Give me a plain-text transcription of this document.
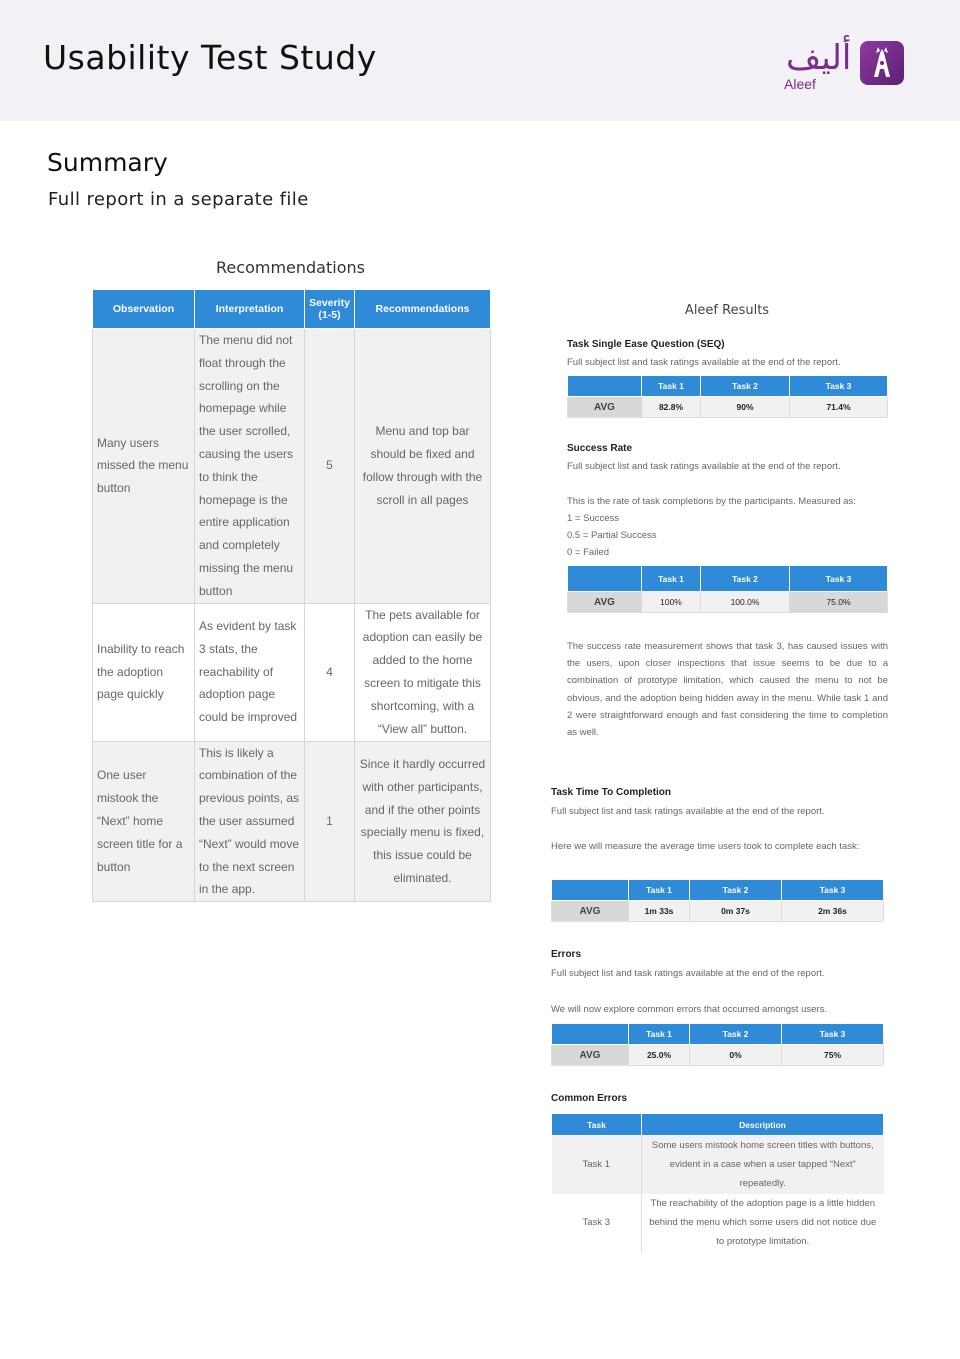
Usability Test Study	أليف
Aleef
Summary
Full report in a separate file
Recommendations
Observation	Interpretation	Severity (1-5)	Recommendations
Many users missed the menu button	The menu did not float through the scrolling on the homepage while the user scrolled, causing the users to think the homepage is the entire application and completely missing the menu button	5	Menu and top bar should be fixed and follow through with the scroll in all pages
Inability to reach the adoption page quickly	As evident by task 3 stats, the reachability of adoption page could be improved	4	The pets available for adoption can easily be added to the home screen to mitigate this shortcoming, with a “View all” button.
One user mistook the “Next” home screen title for a button	This is likely a combination of the previous points, as the user assumed “Next” would move to the next screen in the app.	1	Since it hardly occurred with other participants, and if the other points specially menu is fixed, this issue could be eliminated.
Aleef Results
Task Single Ease Question (SEQ)
Full subject list and task ratings available at the end of the report.
	Task 1	Task 2	Task 3
AVG	82.8%	90%	71.4%
Success Rate
Full subject list and task ratings available at the end of the report.
This is the rate of task completions by the participants. Measured as:
1 = Success
0.5 = Partial Success
0 = Failed
	Task 1	Task 2	Task 3
AVG	100%	100.0%	75.0%
The success rate measurement shows that task 3, has caused issues with the users, upon closer inspections that issue seems to be due to a combination of prototype limitation, which caused the menu to not be obvious, and the adoption being hidden away in the menu. While task 1 and 2 were straightforward enough and fast considering the time to completion as well.
Task Time To Completion
Full subject list and task ratings available at the end of the report.
Here we will measure the average time users took to complete each task:
	Task 1	Task 2	Task 3
AVG	1m 33s	0m 37s	2m 36s
Errors
Full subject list and task ratings available at the end of the report.
We will now explore common errors that occurred amongst users.
	Task 1	Task 2	Task 3
AVG	25.0%	0%	75%
Common Errors
Task	Description
Task 1	Some users mistook home screen titles with buttons, evident in a case when a user tapped “Next” repeatedly.
Task 3	The reachability of the adoption page is a little hidden behind the menu which some users did not notice due to prototype limitation.
